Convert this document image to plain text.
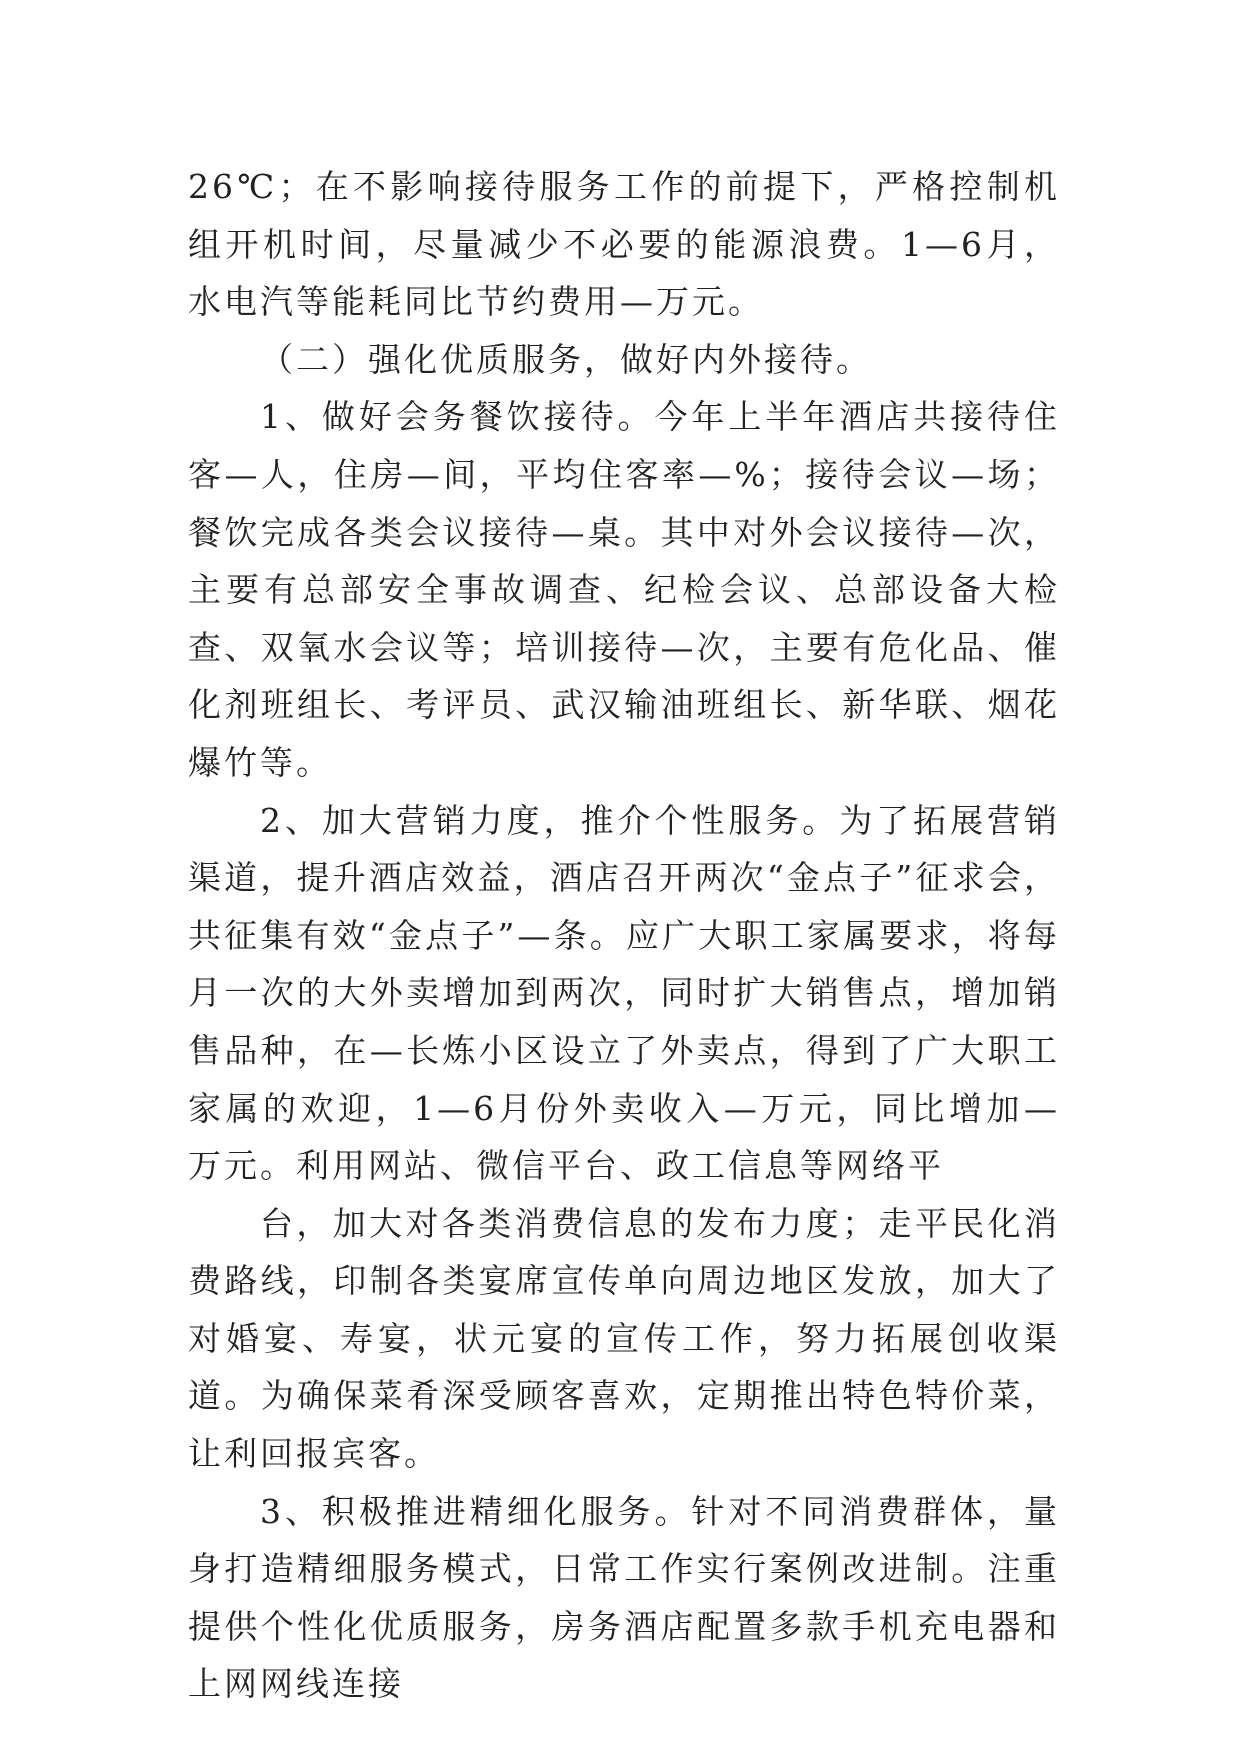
26℃；在不影响接待服务工作的前提下，严格控制机组开机时间，尽量减少不必要的能源浪费。1—6月，水电汽等能耗同比节约费用—万元。

（二）强化优质服务，做好内外接待。

1、做好会务餐饮接待。今年上半年酒店共接待住客—人，住房—间，平均住客率—%；接待会议—场；餐饮完成各类会议接待—桌。其中对外会议接待—次，主要有总部安全事故调查、纪检会议、总部设备大检查、双氧水会议等；培训接待—次，主要有危化品、催化剂班组长、考评员、武汉输油班组长、新华联、烟花爆竹等。

2、加大营销力度，推介个性服务。为了拓展营销渠道，提升酒店效益，酒店召开两次“金点子”征求会，共征集有效“金点子”—条。应广大职工家属要求，将每月一次的大外卖增加到两次，同时扩大销售点，增加销售品种，在—长炼小区设立了外卖点，得到了广大职工家属的欢迎，1—6月份外卖收入—万元，同比增加—万元。利用网站、微信平台、政工信息等网络平

台，加大对各类消费信息的发布力度；走平民化消费路线，印制各类宴席宣传单向周边地区发放，加大了对婚宴、寿宴，状元宴的宣传工作，努力拓展创收渠道。为确保菜肴深受顾客喜欢，定期推出特色特价菜，让利回报宾客。

3、积极推进精细化服务。针对不同消费群体，量身打造精细服务模式，日常工作实行案例改进制。注重提供个性化优质服务，房务酒店配置多款手机充电器和上网网线连接
